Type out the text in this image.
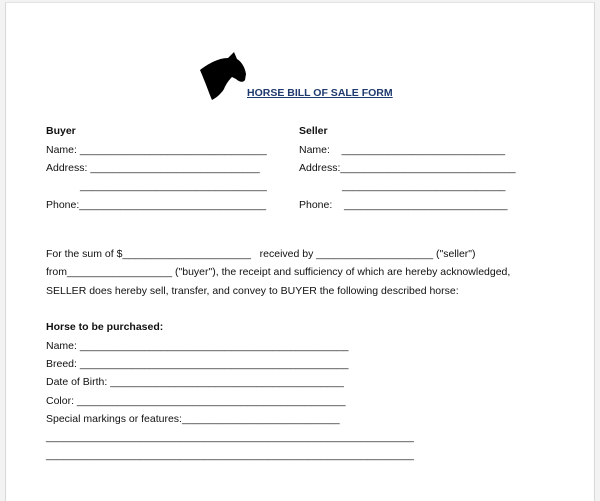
HORSE BILL OF SALE FORM
Buyer
Name: ________________________________
Address: _____________________________
________________________________
Phone:________________________________
Seller
Name:    ____________________________
Address:______________________________
____________________________
Phone:    ____________________________
For the sum of $______________________   received by ____________________ ("seller")
from__________________ ("buyer"), the receipt and sufficiency of which are hereby acknowledged,
SELLER does hereby sell, transfer, and convey to BUYER the following described horse:
Horse to be purchased:
Name: ______________________________________________
Breed: ______________________________________________
Date of Birth: ________________________________________
Color: ______________________________________________
Special markings or features:___________________________
_______________________________________________________________
_______________________________________________________________
